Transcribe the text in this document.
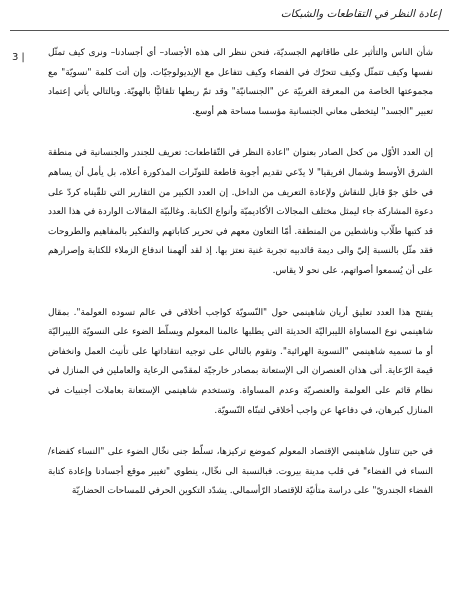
إعادة النظر في التقاطعات والشبكات
3 |	شأن الناس والتأثير على طاقاتهم الجسديّة، فنحن ننظر الى هذه الأجساد– أي أجسادنا– ونرى كيف تمثّل نفسها وكيف تتمثّل وكيف تتحرّك في الفضاء وكيف تتفاعل مع الإيديولوجيّات. وإن أتت كلمة "نسويّة" مع مجموعتها الخاصة من المعرفة الغربيّة عن "الجنسانيّة" وقد تمّ ربطها تلقائيًّا بالهويّة. وبالتالي يأتي إعتماد تعبير "الجسد" ليتخطى معاني الجنسانية مؤسسا مساحة هم أوسع.

إن العدد الأوّل من كحل الصادر بعنوان "اعادة النظر في التّقاطعات: تعريف للجندر والجنسانية في منطقة الشرق الأوسط وشمال افريقيا" لا يدّعي تقديم أجوبة قاطعة للتوتّرات المذكورة أعلاه، بل يأمل أن يساهم في خلق جوّ قابل للنقاش ولإعادة التعريف من الداخل. إن العدد الكبير من التقارير التي تلقّيناه كردّ على دعوة المشاركة جاء ليمثل مختلف المجالات الأكاديميّة وأنواع الكتابة. وغالبيّة المقالات الواردة في هذا العدد قد كتبها طلّاب وناشطين من المنطقة. أمّا التعاون معهم في تحرير كتاباتهم والتفكير بالمفاهيم والطروحات فقد مثّل بالنسبة إليّ والى ديمة قائدبيه تجربة غنية نعتز بها. إذ لقد ألهمنا اندفاع الزملاء للكتابة وإصرارهم على أن يُسمعوا أصواتهم، على نحو لا يقاس.

يفتتح هذا العدد تعليق أريان شاهينمي حول "النّسويّة كواجب أخلاقي في عالم تسوده العولمة". بمقال شاهينمي نوع المساواة الليبراليّة الحديثة التي يطلبها عالمنا المعولم ويسلّط الضوء على النسويّة الليبراليّة أو ما تسميه شاهينمي "النسوية الهرائية". وتقوم بالتالي على توجيه انتقاداتها على تأنيث العمل وانخفاض قيمة الرّعاية. أتى هذان العنصران الى الإستعانة بمصادر خارجيّة لمقدّمي الرعاية والعاملين في المنازل في نظام قائم على العولمة والعنصريّة وعدم المساواة. وتستخدم شاهينمي الإستعانة بعاملات أجنبيات في المنازل كبرهان، في دفاعها عن واجب أخلاقي لتبنّاه النّسويّة.

في حين تتناول شاهينمي الإقتصاد المعولم كموضع تركيزها، تسلّط جنى نخّال الضوء على "النساء كفضاء/النساء في الفضاء" في قلب مدينة بيروت. فبالنسبة الى نخّال، ينطوي "تغيير موقع أجسادنا وإعادة كتابة الفضاء الجندريّ" على دراسة متأنيّة للإقتصاد الرّأسمالي. يشدّد التكوين الحرفي للمساحات الحضاريّة
